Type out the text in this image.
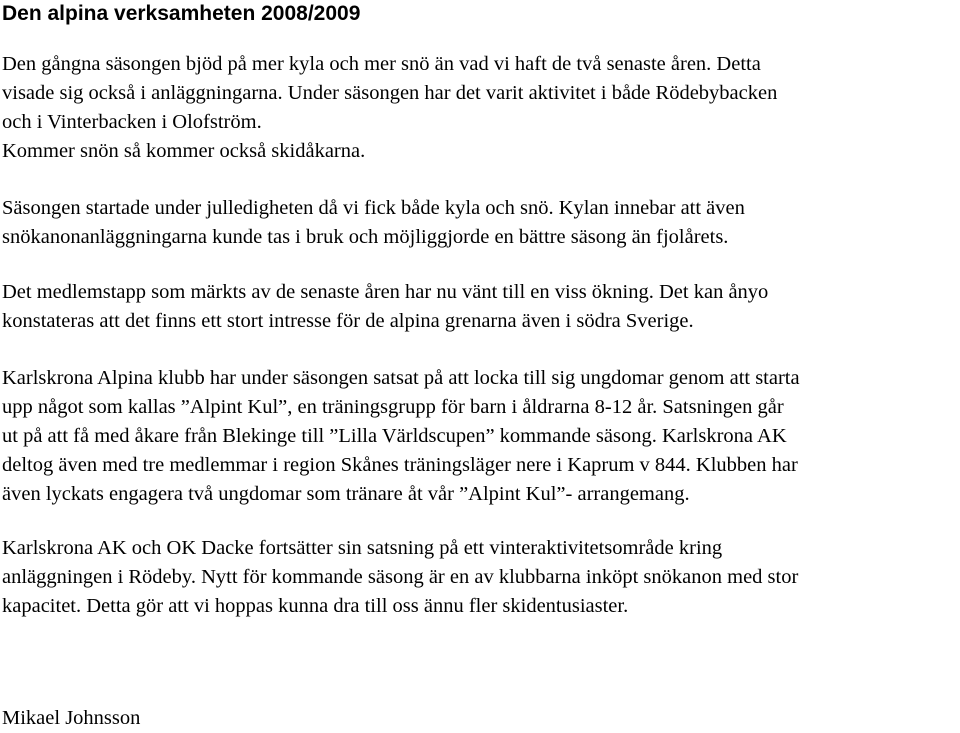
Den alpina verksamheten 2008/2009

Den gångna säsongen bjöd på mer kyla och mer snö än vad vi haft de två senaste åren. Detta
visade sig också i anläggningarna. Under säsongen har det varit aktivitet i både Rödebybacken
och i Vinterbacken i Olofström.
Kommer snön så kommer också skidåkarna.

Säsongen startade under julledigheten då vi fick både kyla och snö. Kylan innebar att även
snökanonanläggningarna kunde tas i bruk och möjliggjorde en bättre säsong än fjolårets.

Det medlemstapp som märkts av de senaste åren har nu vänt till en viss ökning. Det kan ånyo
konstateras att det finns ett stort intresse för de alpina grenarna även i södra Sverige.

Karlskrona Alpina klubb har under säsongen satsat på att locka till sig ungdomar genom att starta
upp något som kallas ”Alpint Kul”, en träningsgrupp för barn i åldrarna 8-12 år. Satsningen går
ut på att få med åkare från Blekinge till ”Lilla Världscupen” kommande säsong. Karlskrona AK
deltog även med tre medlemmar i region Skånes träningsläger nere i Kaprum v 844. Klubben har
även lyckats engagera två ungdomar som tränare åt vår ”Alpint Kul”- arrangemang.

Karlskrona AK och OK Dacke fortsätter sin satsning på ett vinteraktivitetsområde kring
anläggningen i Rödeby. Nytt för kommande säsong är en av klubbarna inköpt snökanon med stor
kapacitet. Detta gör att vi hoppas kunna dra till oss ännu fler skidentusiaster.

Mikael Johnsson
